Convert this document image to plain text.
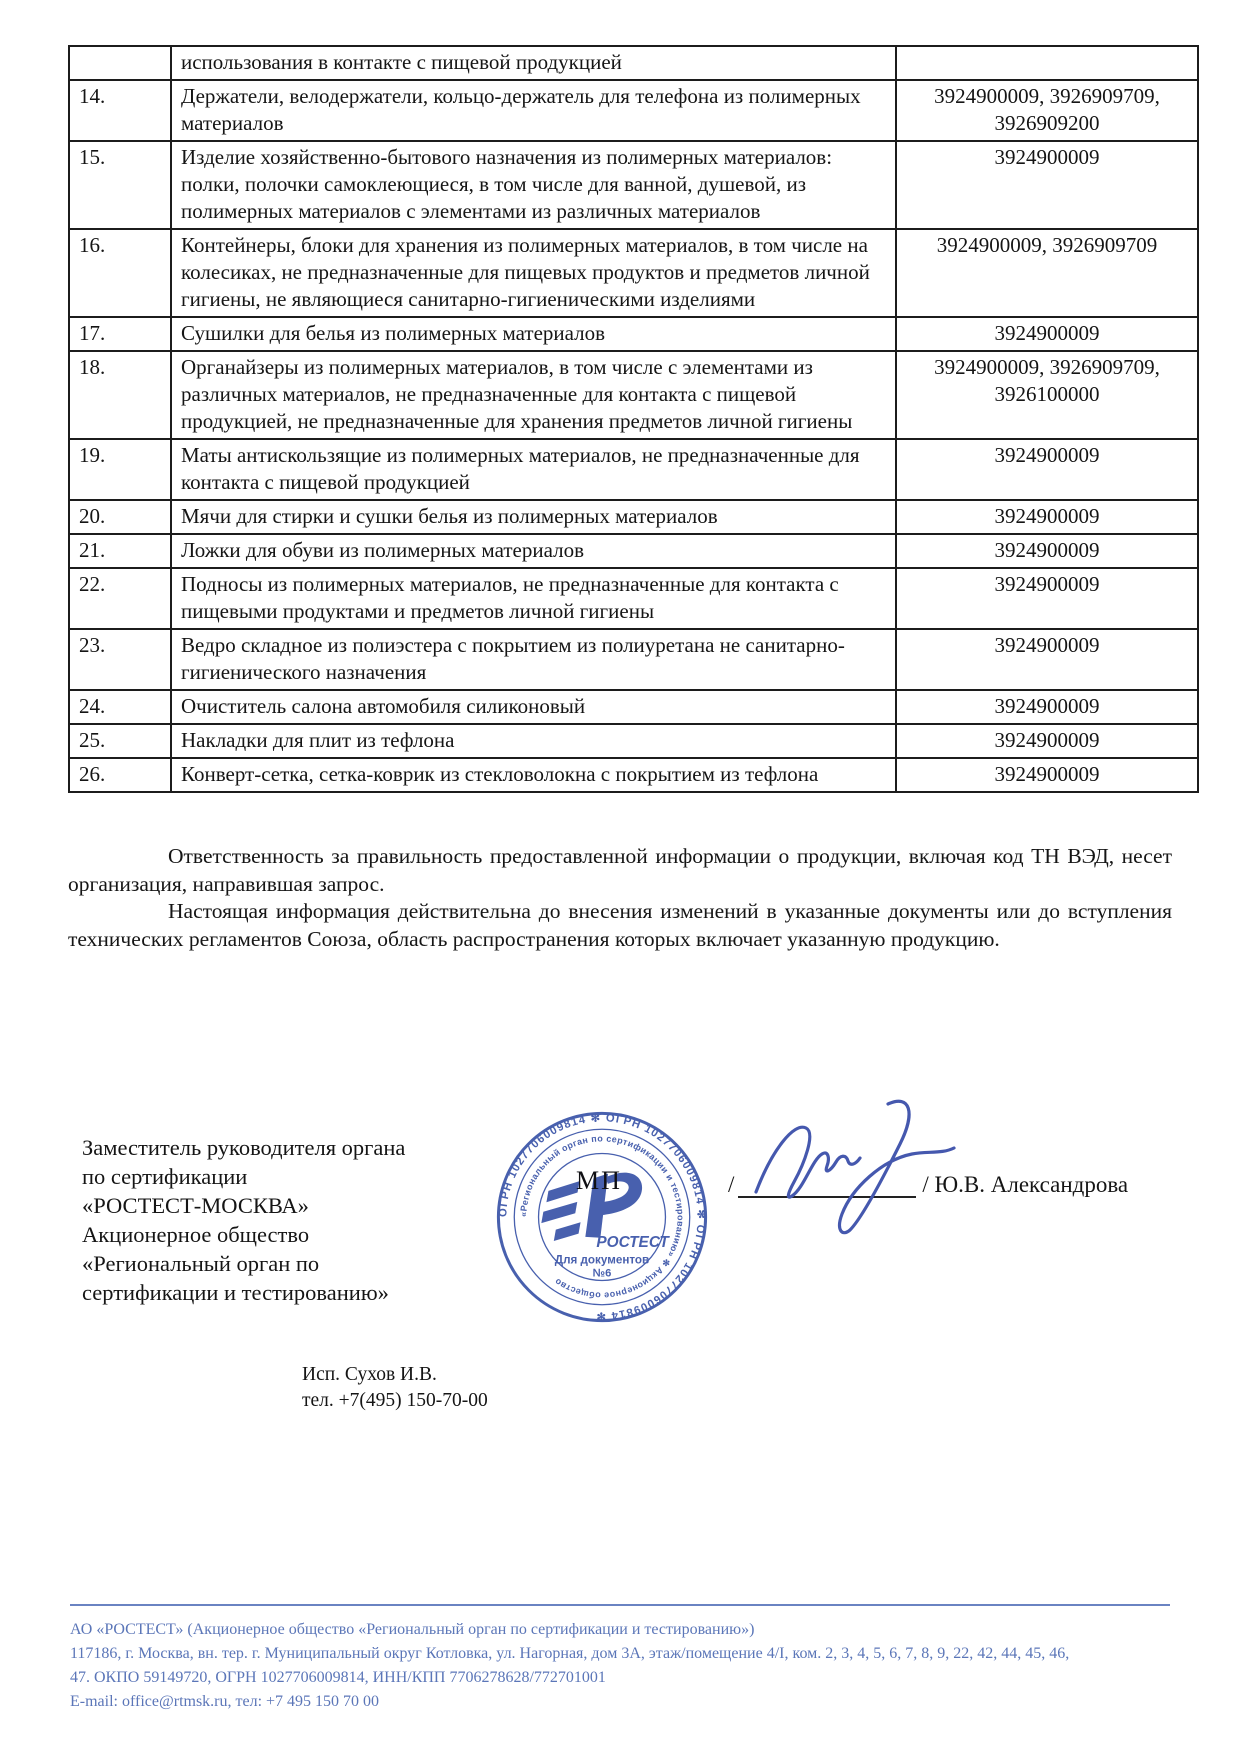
	использования в контакте с пищевой продукцией	
14.	Держатели, велодержатели, кольцо-держатель для телефона из полимерных материалов	3924900009, 3926909709, 3926909200
15.	Изделие хозяйственно-бытового назначения из полимерных материалов: полки, полочки самоклеющиеся, в том числе для ванной, душевой, из полимерных материалов с элементами из различных материалов	3924900009
16.	Контейнеры, блоки для хранения из полимерных материалов, в том числе на колесиках, не предназначенные для пищевых продуктов и предметов личной гигиены, не являющиеся санитарно-гигиеническими изделиями	3924900009, 3926909709
17.	Сушилки для белья из полимерных материалов	3924900009
18.	Органайзеры из полимерных материалов, в том числе с элементами из различных материалов, не предназначенные для контакта с пищевой продукцией, не предназначенные для хранения предметов личной гигиены	3924900009, 3926909709, 3926100000
19.	Маты антискользящие из полимерных материалов, не предназначенные для контакта с пищевой продукцией	3924900009
20.	Мячи для стирки и сушки белья из полимерных материалов	3924900009
21.	Ложки для обуви из полимерных материалов	3924900009
22.	Подносы из полимерных материалов, не предназначенные для контакта с пищевыми продуктами и предметов личной гигиены	3924900009
23.	Ведро складное из полиэстера с покрытием из полиуретана не санитарно-гигиенического назначения	3924900009
24.	Очиститель салона автомобиля силиконовый	3924900009
25.	Накладки для плит из тефлона	3924900009
26.	Конверт-сетка, сетка-коврик из стекловолокна с покрытием из тефлона	3924900009

Ответственность за правильность предоставленной информации о продукции, включая код ТН ВЭД, несет организация, направившая запрос.

Настоящая информация действительна до внесения изменений в указанные документы или до вступления технических регламентов Союза, область распространения которых включает указанную продукцию.

Заместитель руководителя органа
по сертификации
«РОСТЕСТ-МОСКВА»
Акционерное общество
«Региональный орган по
сертификации и тестированию»
ОГРН 1027706009814 ✻ ОГРН 1027706009814 ✻ ОГРН 1027706009814 ✻
«Региональный орган по сертификации и тестированию» ✻ Акционерное общество
РОСТЕСТ
Для документов
№6
МП	/	/ Ю.В. Александрова
Исп. Сухов И.В.
тел. +7(495) 150-70-00
АО «РОСТЕСТ» (Акционерное общество «Региональный орган по сертификации и тестированию»)
117186, г. Москва, вн. тер. г. Муниципальный округ Котловка, ул. Нагорная, дом 3А, этаж/помещение 4/I, ком. 2, 3, 4, 5, 6, 7, 8, 9, 22, 42, 44, 45, 46,
47. ОКПО 59149720, ОГРН 1027706009814, ИНН/КПП 7706278628/772701001
E-mail: office@rtmsk.ru, тел: +7 495 150 70 00
